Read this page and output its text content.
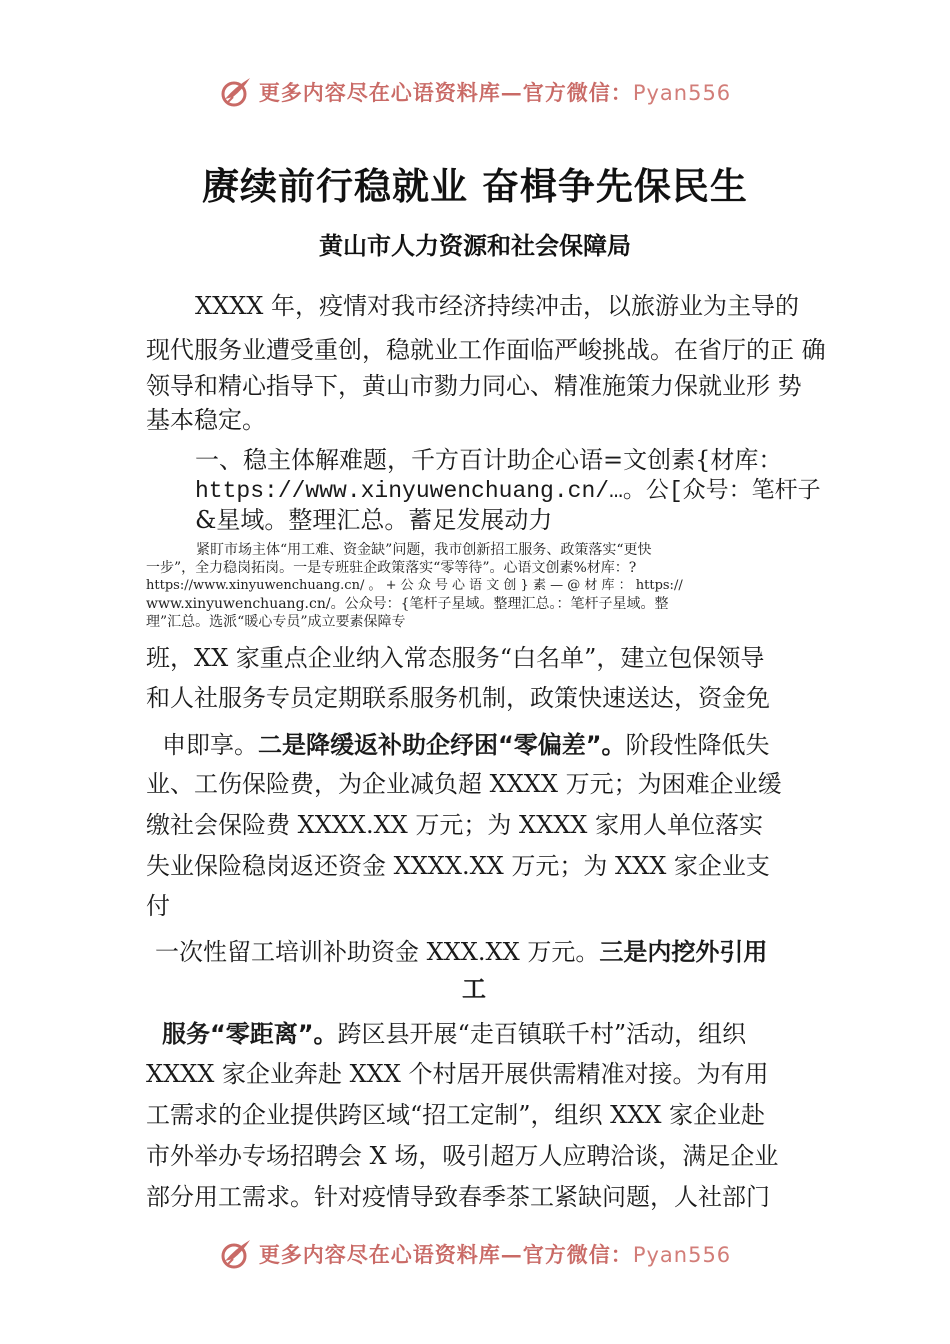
更多内容尽在心语资料库—官方微信：Pyan556
赓续前行稳就业 奋楫争先保民生
黄山市人力资源和社会保障局
XXXX 年，疫情对我市经济持续冲击，以旅游业为主导的
现代服务业遭受重创，稳就业工作面临严峻挑战。在省厅的正 确
领导和精心指导下，黄山市勠力同心、精准施策力保就业形 势
基本稳定。
一、稳主体解难题，千方百计助企心语=文创素{材库：
https://www.xinyuwenchuang.cn/…。公[众号：笔杆子
&星域。整理汇总。蓄足发展动力
紧盯市场主体“用工难、资金缺”问题，我市创新招工服务、政策落实“更快
一步”，全力稳岗拓岗。一是专班驻企政策落实“零等待”。心语文创素%材库：?
https://www.xinyuwenchuang.cn/ 。 + 公 众 号 心 语 文 创 } 素 — @ 材 库 ： https://
www.xinyuwenchuang.cn/。公众号：{笔杆子星域。整理汇总。：笔杆子星域。整
理”汇总。选派“暖心专员”成立要素保障专
班，XX 家重点企业纳入常态服务“白名单”，建立包保领导
和人社服务专员定期联系服务机制，政策快速送达，资金免
申即享。二是降缓返补助企纾困“零偏差”。阶段性降低失
业、工伤保险费，为企业减负超 XXXX 万元；为困难企业缓
缴社会保险费 XXXX.XX 万元；为 XXXX 家用人单位落实
失业保险稳岗返还资金 XXXX.XX 万元；为 XXX 家企业支
付
一次性留工培训补助资金 XXX.XX 万元。三是内挖外引用
工
服务“零距离”。跨区县开展“走百镇联千村”活动，组织
XXXX 家企业奔赴 XXX 个村居开展供需精准对接。为有用
工需求的企业提供跨区域“招工定制”，组织 XXX 家企业赴
市外举办专场招聘会 X 场，吸引超万人应聘洽谈，满足企业
部分用工需求。针对疫情导致春季茶工紧缺问题，人社部门
更多内容尽在心语资料库—官方微信：Pyan556
